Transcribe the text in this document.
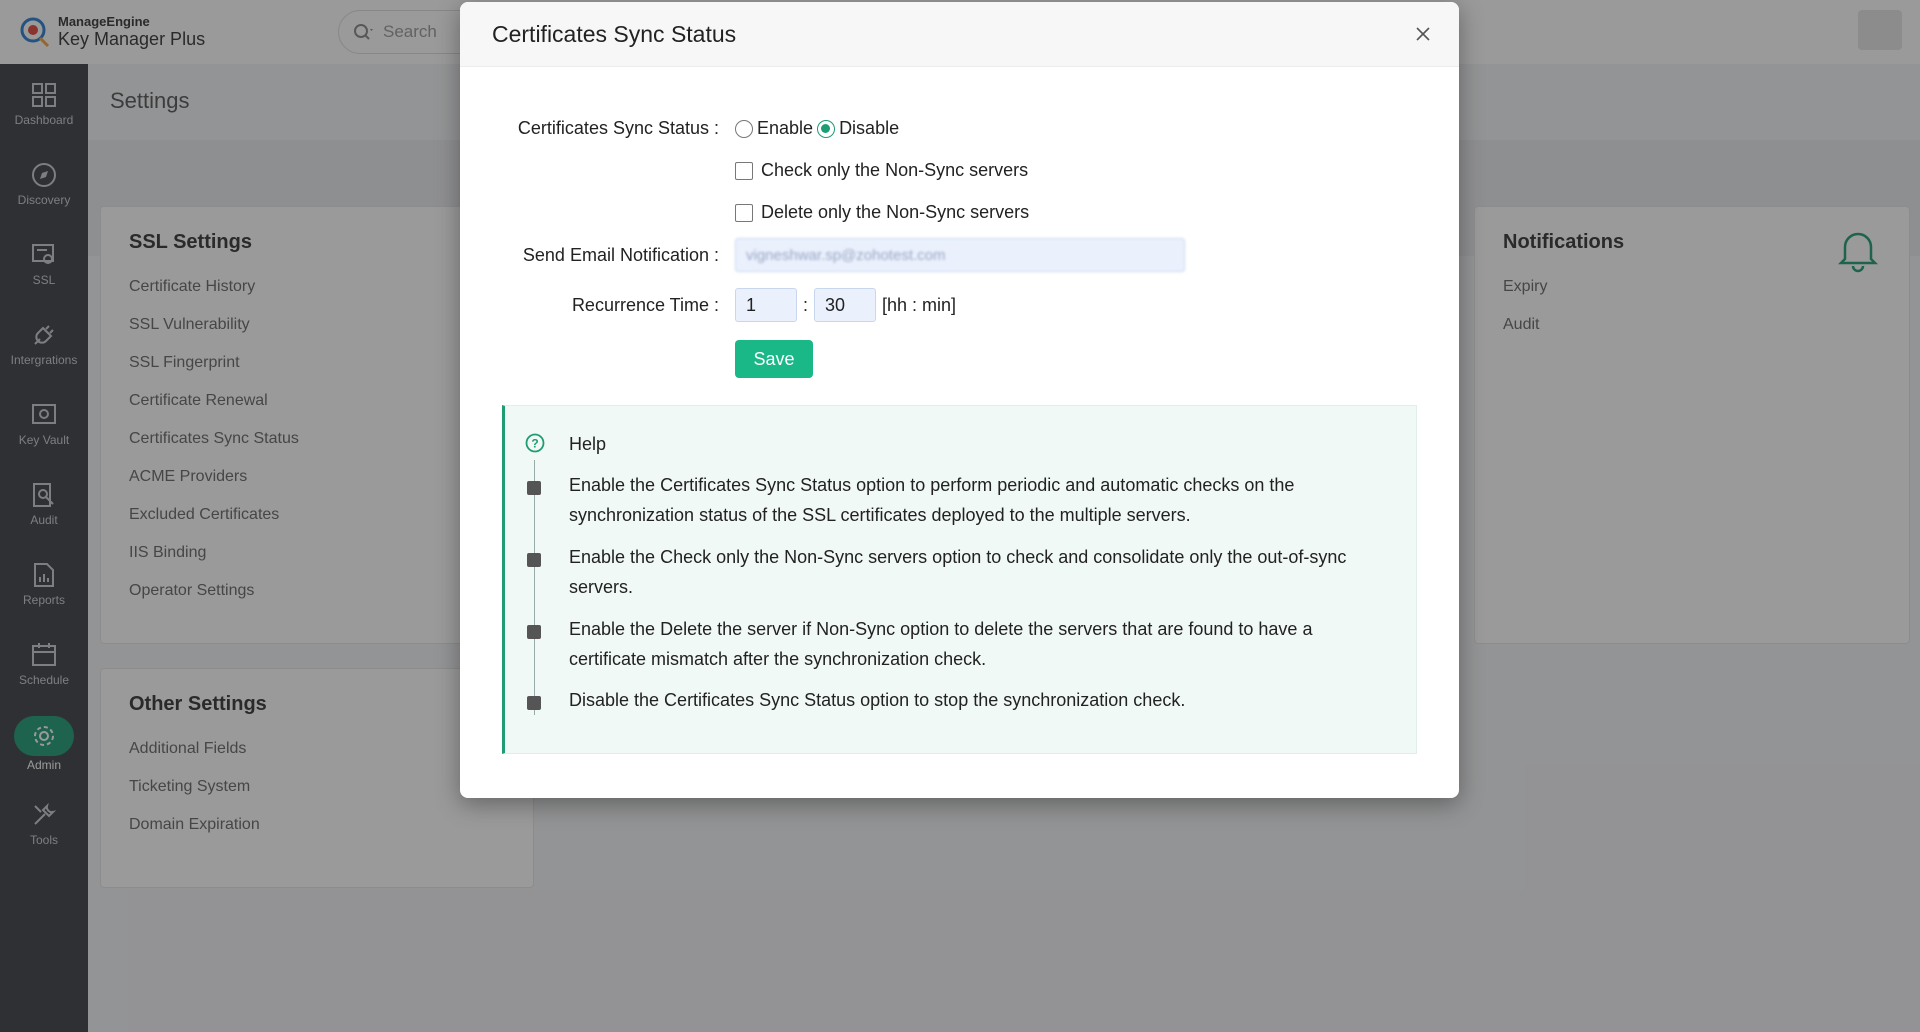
ManageEngine
Key Manager Plus	Search
Dashboard
Discovery
SSL
Intergrations
Key Vault
Audit
Reports
Schedule
Admin
Tools
Settings
SSL Settings
Certificate History
SSL Vulnerability
SSL Fingerprint
Certificate Renewal
Certificates Sync Status
ACME Providers
Excluded Certificates
IIS Binding
Operator Settings
Other Settings
Additional Fields
Ticketing System
Domain Expiration
Notifications
Expiry
Audit
Certificates Sync Status
Certificates Sync Status : Enable Disable
Check only the Non-Sync servers
Delete only the Non-Sync servers
Send Email Notification :
vigneshwar.sp@zohotest.com
Recurrence Time :
1	:
30	[hh : min]
Save
? Help
Enable the Certificates Sync Status option to perform periodic and automatic checks on the synchronization status of the SSL certificates deployed to the multiple servers.
Enable the Check only the Non-Sync servers option to check and consolidate only the out-of-sync servers.
Enable the Delete the server if Non-Sync option to delete the servers that are found to have a certificate mismatch after the synchronization check.
Disable the Certificates Sync Status option to stop the synchronization check.
